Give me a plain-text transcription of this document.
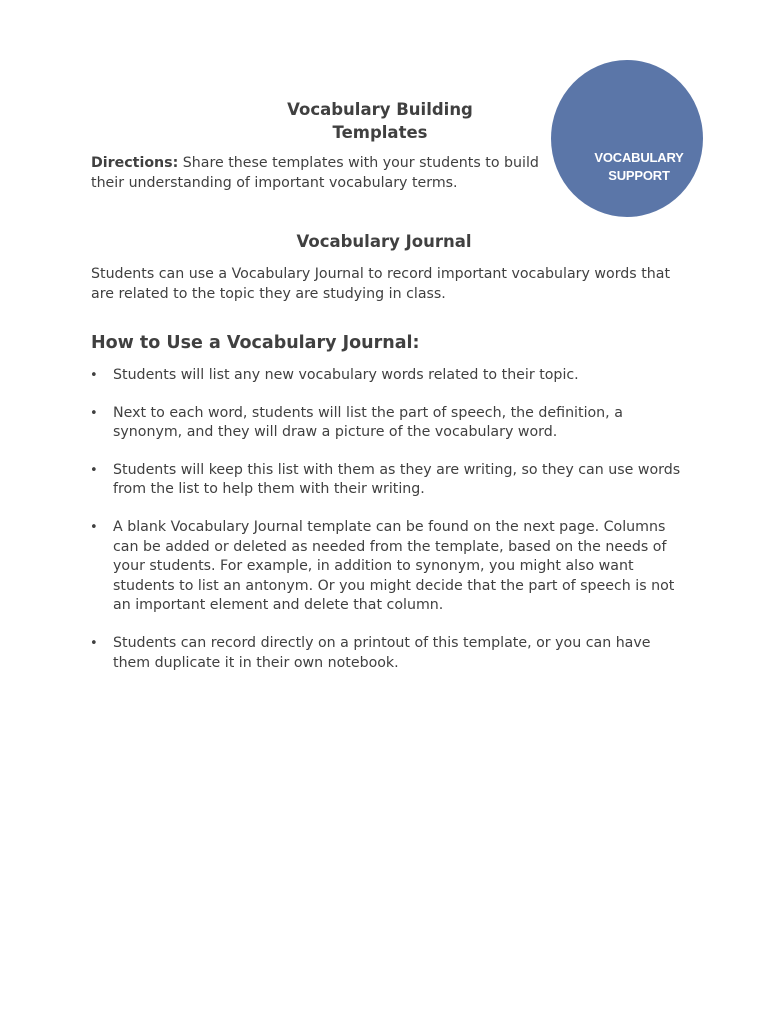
Vocabulary Building Templates
Directions: Share these templates with your students to build their understanding of important vocabulary terms.
VOCABULARY
SUPPORT
Vocabulary Journal
Students can use a Vocabulary Journal to record important vocabulary words that are related to the topic they are studying in class.
How to Use a Vocabulary Journal:
• Students will list any new vocabulary words related to their topic.
• Next to each word, students will list the part of speech, the definition, a synonym, and they will draw a picture of the vocabulary word.
• Students will keep this list with them as they are writing, so they can use words from the list to help them with their writing.
• A blank Vocabulary Journal template can be found on the next page. Columns can be added or deleted as needed from the template, based on the needs of your students. For example, in addition to synonym, you might also want students to list an antonym. Or you might decide that the part of speech is not an important element and delete that column.
• Students can record directly on a printout of this template, or you can have them duplicate it in their own notebook.
